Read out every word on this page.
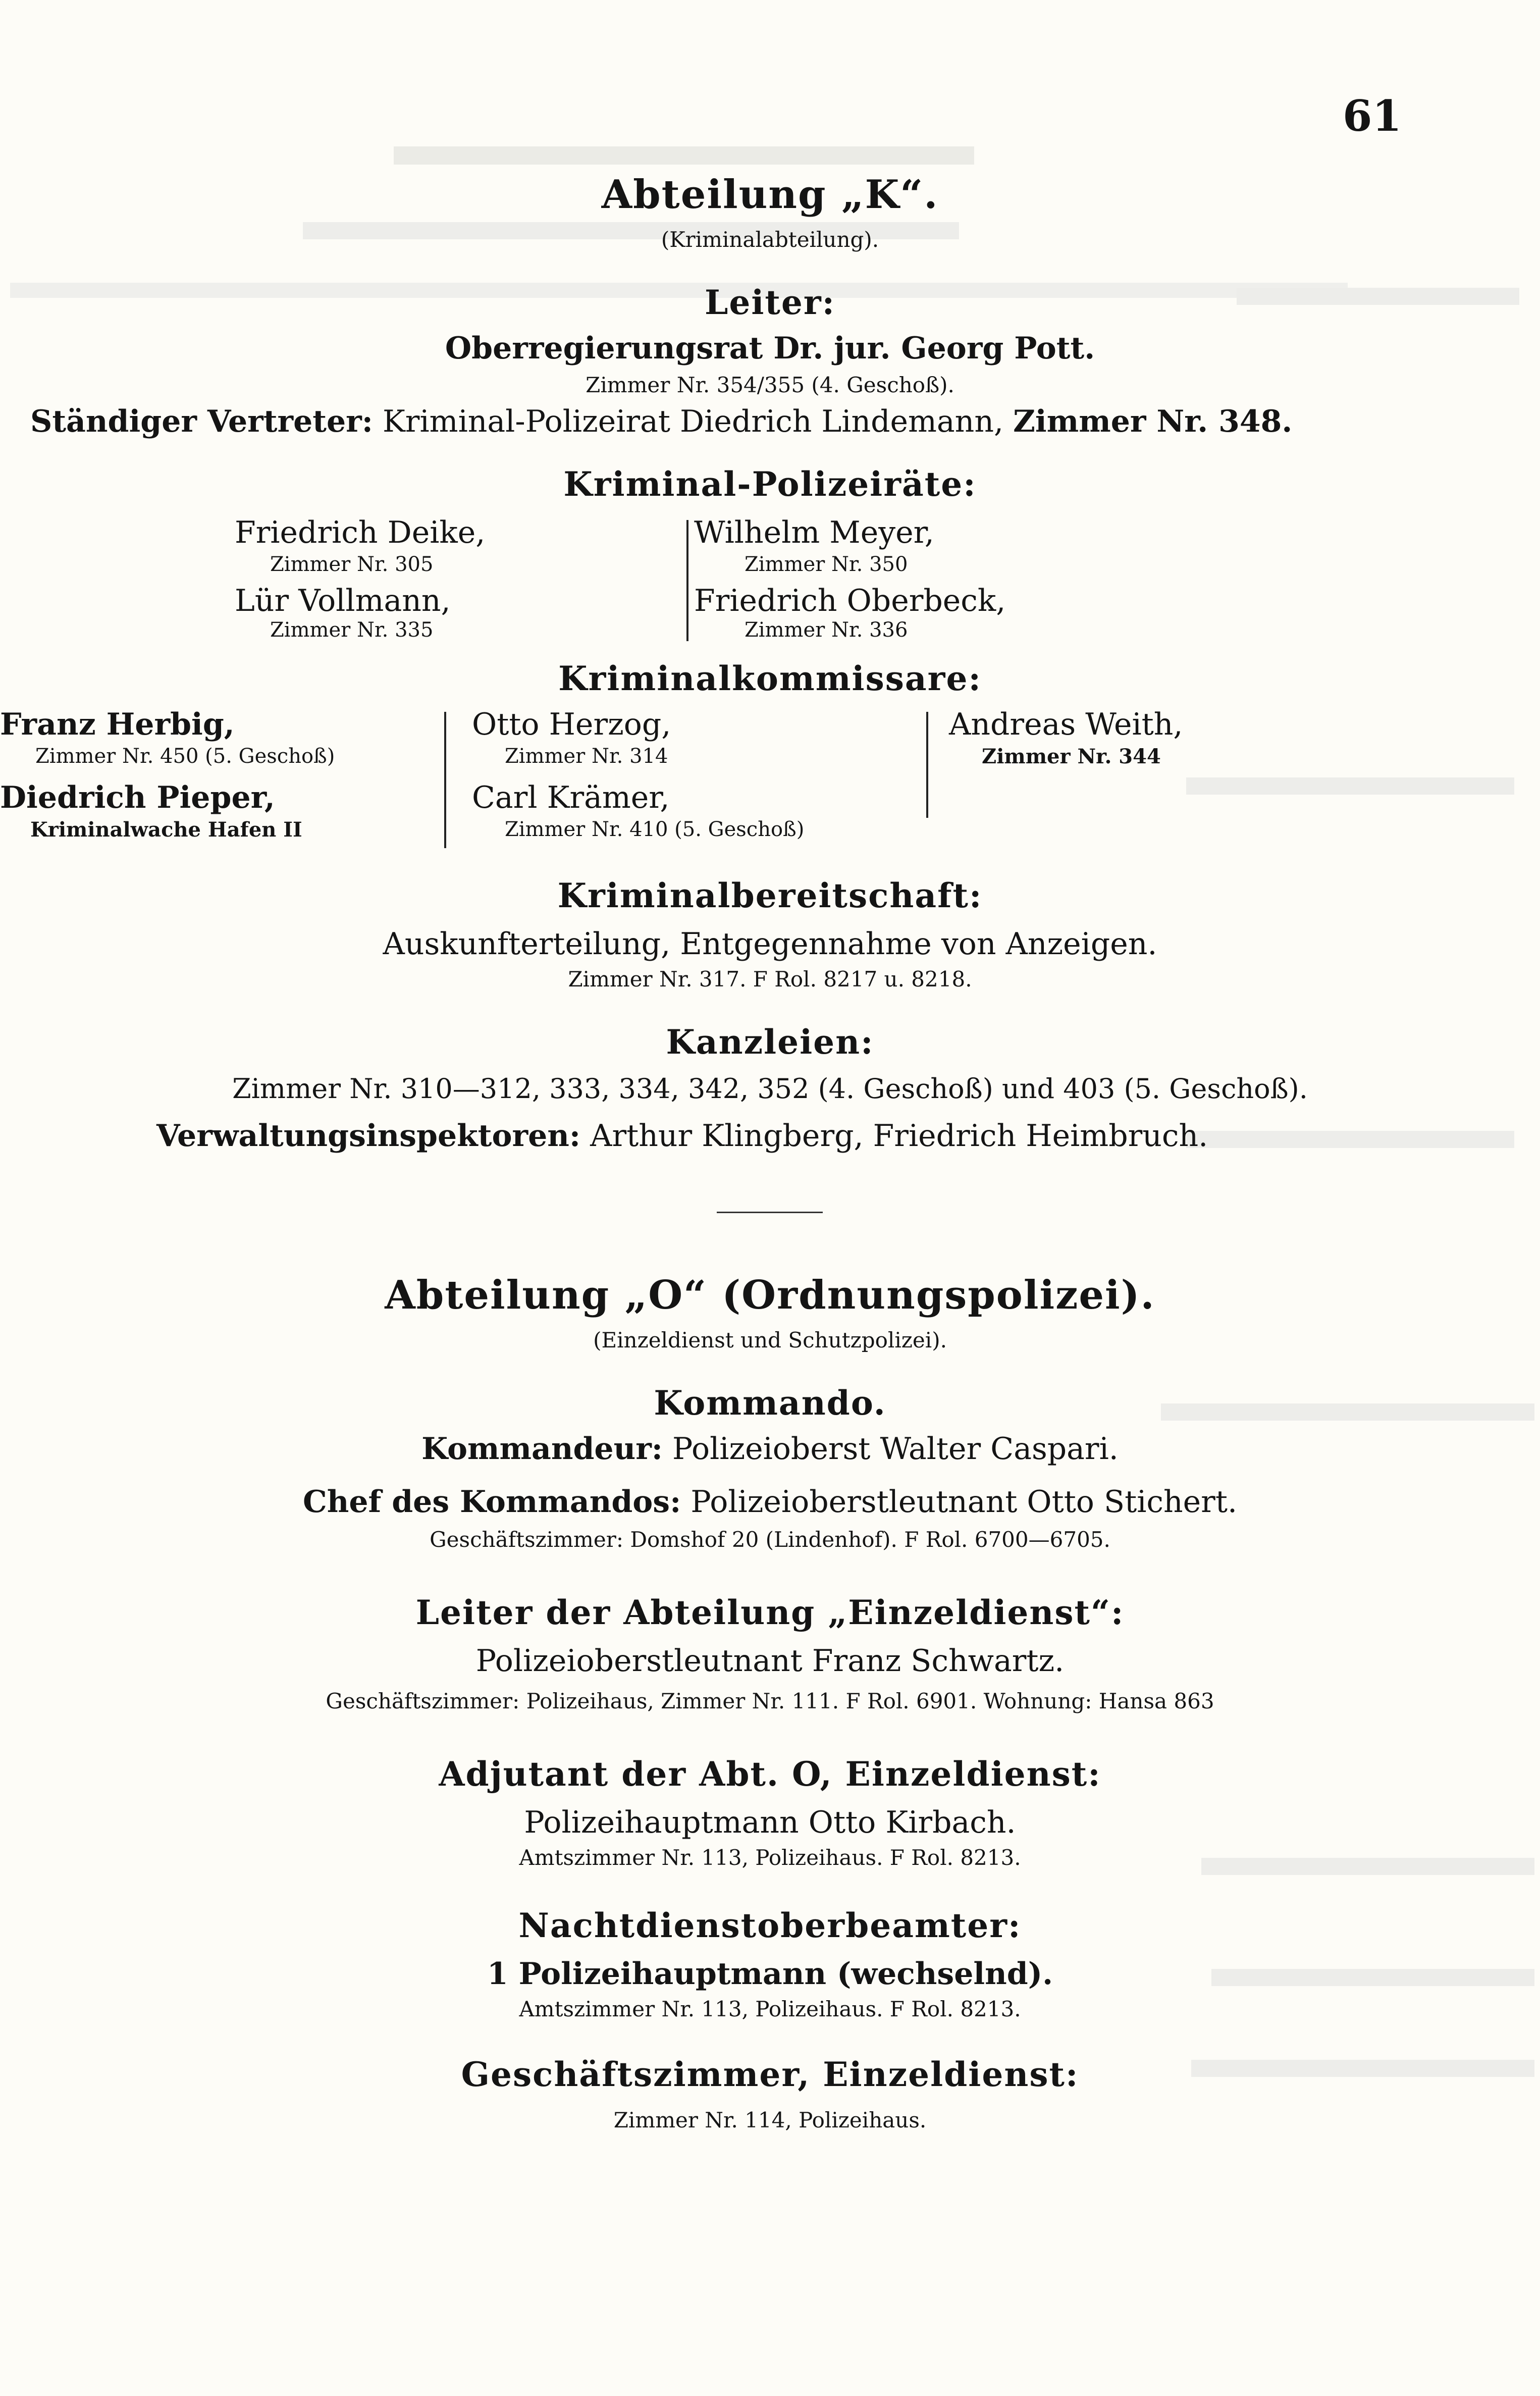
61
Abteilung „K“.
(Kriminalabteilung).
Leiter:
Oberregierungsrat Dr. jur. Georg Pott.
Zimmer Nr. 354/355 (4. Geschoß).
Ständiger Vertreter: Kriminal-Polizeirat Diedrich Lindemann, Zimmer Nr. 348.
Kriminal-Polizeiräte:
Friedrich Deike,
Zimmer Nr. 305
Lür Vollmann,
Zimmer Nr. 335
Wilhelm Meyer,
Zimmer Nr. 350
Friedrich Oberbeck,
Zimmer Nr. 336
Kriminalkommissare:
Franz Herbig,
Zimmer Nr. 450 (5. Geschoß)
Diedrich Pieper,
Kriminalwache Hafen II
Otto Herzog,
Zimmer Nr. 314
Carl Krämer,
Zimmer Nr. 410 (5. Geschoß)
Andreas Weith,
Zimmer Nr. 344
Kriminalbereitschaft:
Auskunfterteilung, Entgegennahme von Anzeigen.
Zimmer Nr. 317. F Rol. 8217 u. 8218.
Kanzleien:
Zimmer Nr. 310—312, 333, 334, 342, 352 (4. Geschoß) und 403 (5. Geschoß).
Verwaltungsinspektoren: Arthur Klingberg, Friedrich Heimbruch.
Abteilung „O“ (Ordnungspolizei).
(Einzeldienst und Schutzpolizei).
Kommando.
Kommandeur: Polizeioberst Walter Caspari.
Chef des Kommandos: Polizeioberstleutnant Otto Stichert.
Geschäftszimmer: Domshof 20 (Lindenhof). F Rol. 6700—6705.
Leiter der Abteilung „Einzeldienst“:
Polizeioberstleutnant Franz Schwartz.
Geschäftszimmer: Polizeihaus, Zimmer Nr. 111. F Rol. 6901. Wohnung: Hansa 863
Adjutant der Abt. O, Einzeldienst:
Polizeihauptmann Otto Kirbach.
Amtszimmer Nr. 113, Polizeihaus. F Rol. 8213.
Nachtdienstoberbeamter:
1 Polizeihauptmann (wechselnd).
Amtszimmer Nr. 113, Polizeihaus. F Rol. 8213.
Geschäftszimmer, Einzeldienst:
Zimmer Nr. 114, Polizeihaus.
